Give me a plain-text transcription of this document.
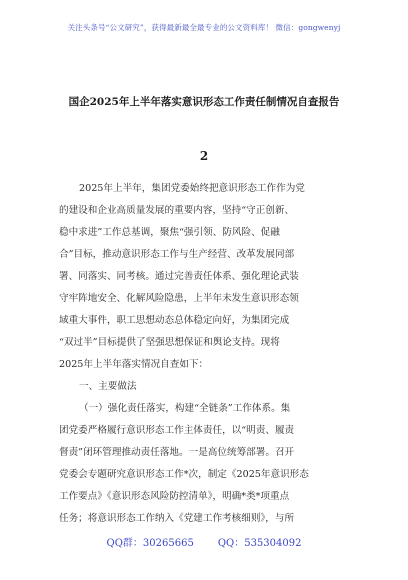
关注头条号“公文研究”，获得最新最全最专业的公文资料库！ 微信：gongwenyj
国企2025年上半年落实意识形态工作责任制情况自查报告
2
2025年上半年，集团党委始终把意识形态工作作为党
的建设和企业高质量发展的重要内容，坚持“守正创新、
稳中求进”工作总基调，聚焦“强引领、防风险、促融
合”目标，推动意识形态工作与生产经营、改革发展同部
署、同落实、同考核。通过完善责任体系、强化理论武装
守牢阵地安全、化解风险隐患，上半年未发生意识形态领
域重大事件，职工思想动态总体稳定向好，为集团完成
“双过半”目标提供了坚强思想保证和舆论支持。现将
2025年上半年落实情况自查如下：
一、主要做法
（一）强化责任落实，构建“全链条”工作体系。集
团党委严格履行意识形态工作主体责任，以“明责、履责
督责”闭环管理推动责任落地。一是高位统筹部署。召开
党委会专题研究意识形态工作*次，制定《2025年意识形态
工作要点》《意识形态风险防控清单》，明确*类*项重点
任务；将意识形态工作纳入《党建工作考核细则》，与所
QQ群：30265665 QQ：535304092
